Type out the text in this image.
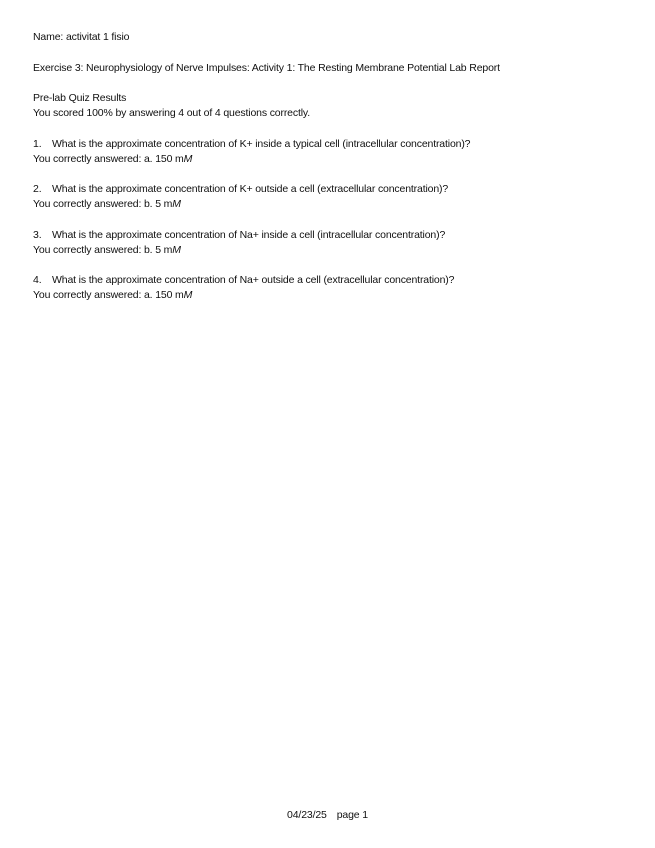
Name: activitat 1 fisio
Exercise 3: Neurophysiology of Nerve Impulses: Activity 1: The Resting Membrane Potential Lab Report
Pre-lab Quiz Results
You scored 100% by answering 4 out of 4 questions correctly.
1. What is the approximate concentration of K+ inside a typical cell (intracellular concentration)?
You correctly answered: a. 150 mM
2. What is the approximate concentration of K+ outside a cell (extracellular concentration)?
You correctly answered: b. 5 mM
3. What is the approximate concentration of Na+ inside a cell (intracellular concentration)?
You correctly answered: b. 5 mM
4. What is the approximate concentration of Na+ outside a cell (extracellular concentration)?
You correctly answered: a. 150 mM
04/23/25 page 1
